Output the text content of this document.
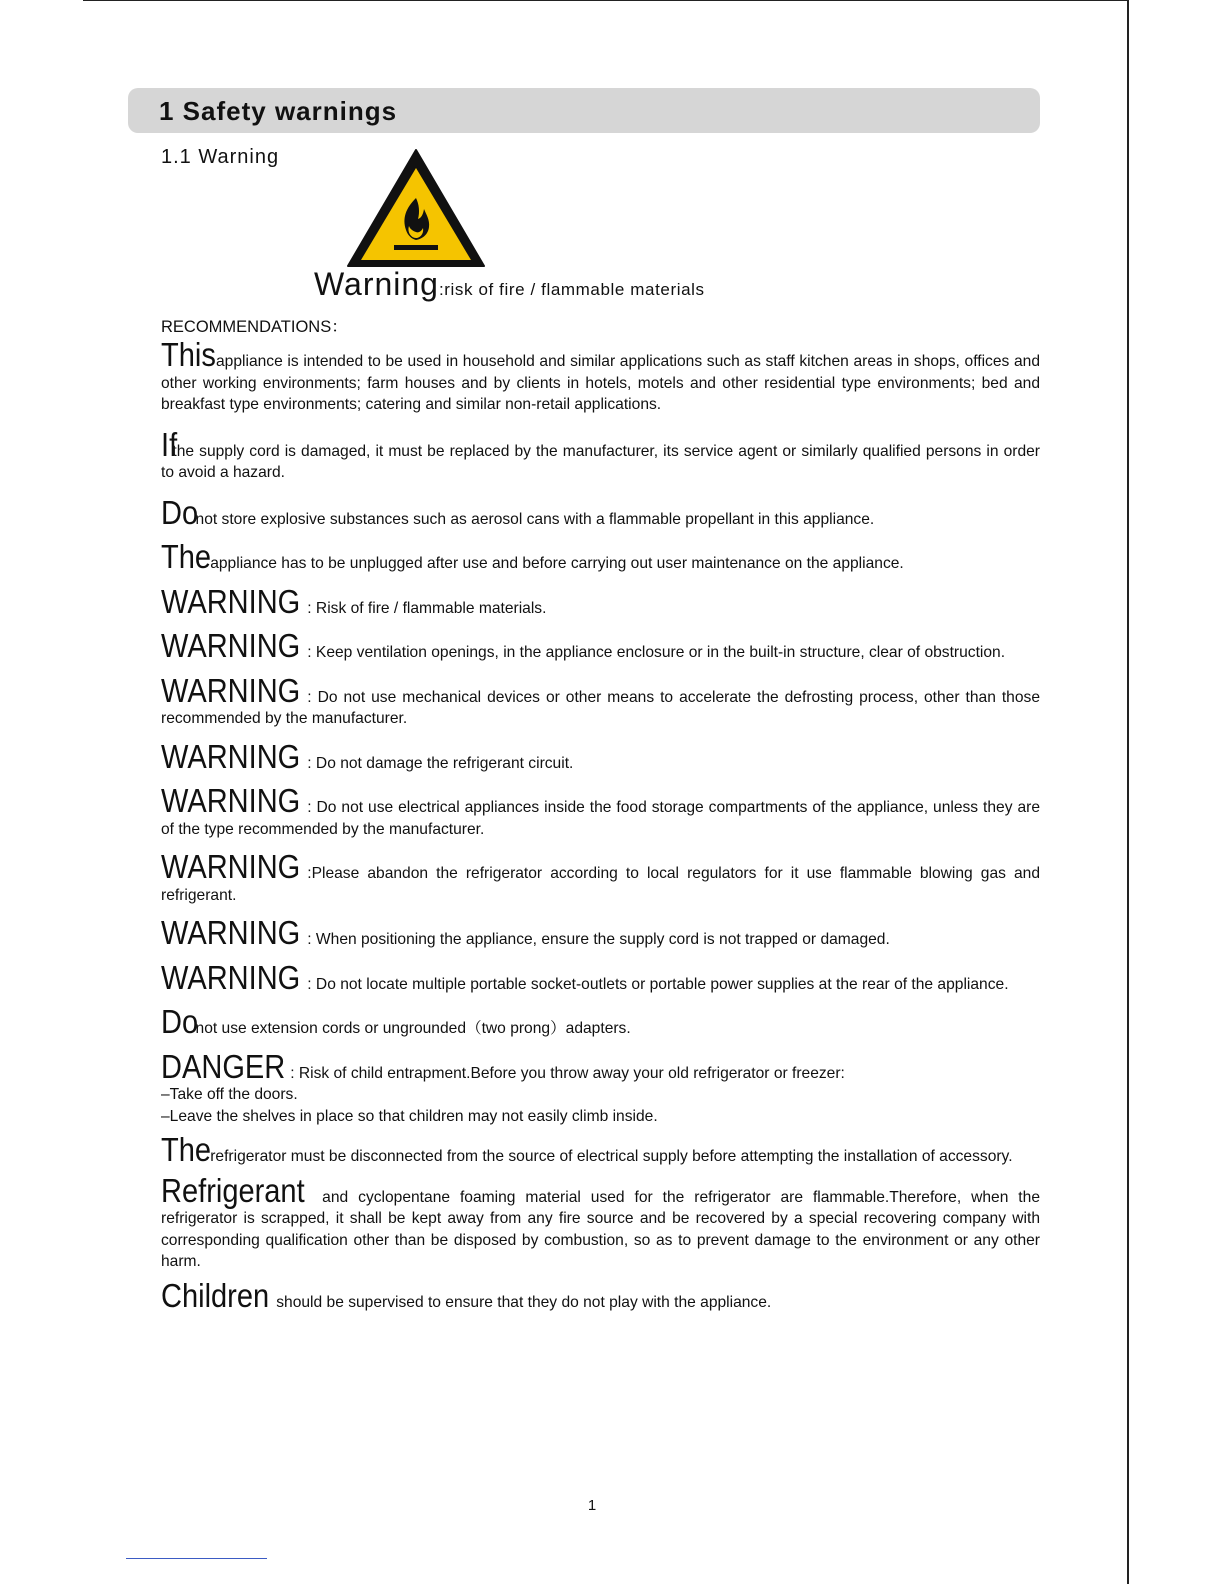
1 Safety warnings
1.1 Warning
Warning:risk of fire / flammable materials
RECOMMENDATIONS：

This appliance is intended to be used in household and similar applications such as staff kitchen areas in shops, offices and other working environments; farm houses and by clients in hotels, motels and other residential type environments; bed and breakfast type environments; catering and similar non-retail applications.

If the supply cord is damaged, it must be replaced by the manufacturer, its service agent or similarly qualified persons in order to avoid a hazard.

Do not store explosive substances such as aerosol cans with a flammable propellant in this appliance.

The appliance has to be unplugged after use and before carrying out user maintenance on the appliance.

WARNING : Risk of fire / flammable materials.

WARNING : Keep ventilation openings, in the appliance enclosure or in the built-in structure, clear of obstruction.

WARNING : Do not use mechanical devices or other means to accelerate the defrosting process, other than those recommended by the manufacturer.

WARNING : Do not damage the refrigerant circuit.

WARNING : Do not use electrical appliances inside the food storage compartments of the appliance, unless they are of the type recommended by the manufacturer.

WARNING :Please abandon the refrigerator according to local regulators for it use flammable blowing gas and refrigerant.

WARNING : When positioning the appliance, ensure the supply cord is not trapped or damaged.

WARNING : Do not locate multiple portable socket-outlets or portable power supplies at the rear of the appliance.

Do not use extension cords or ungrounded（two prong）adapters.

DANGER : Risk of child entrapment.Before you throw away your old refrigerator or freezer:

–Take off the doors.

–Leave the shelves in place so that children may not easily climb inside.

The refrigerator must be disconnected from the source of electrical supply before attempting the installation of accessory.

Refrigerant and cyclopentane foaming material used for the refrigerator are flammable.Therefore, when the refrigerator is scrapped, it shall be kept away from any fire source and be recovered by a special recovering company with corresponding qualification other than be disposed by combustion, so as to prevent damage to the environment or any other harm.

Children should be supervised to ensure that they do not play with the appliance.

1
